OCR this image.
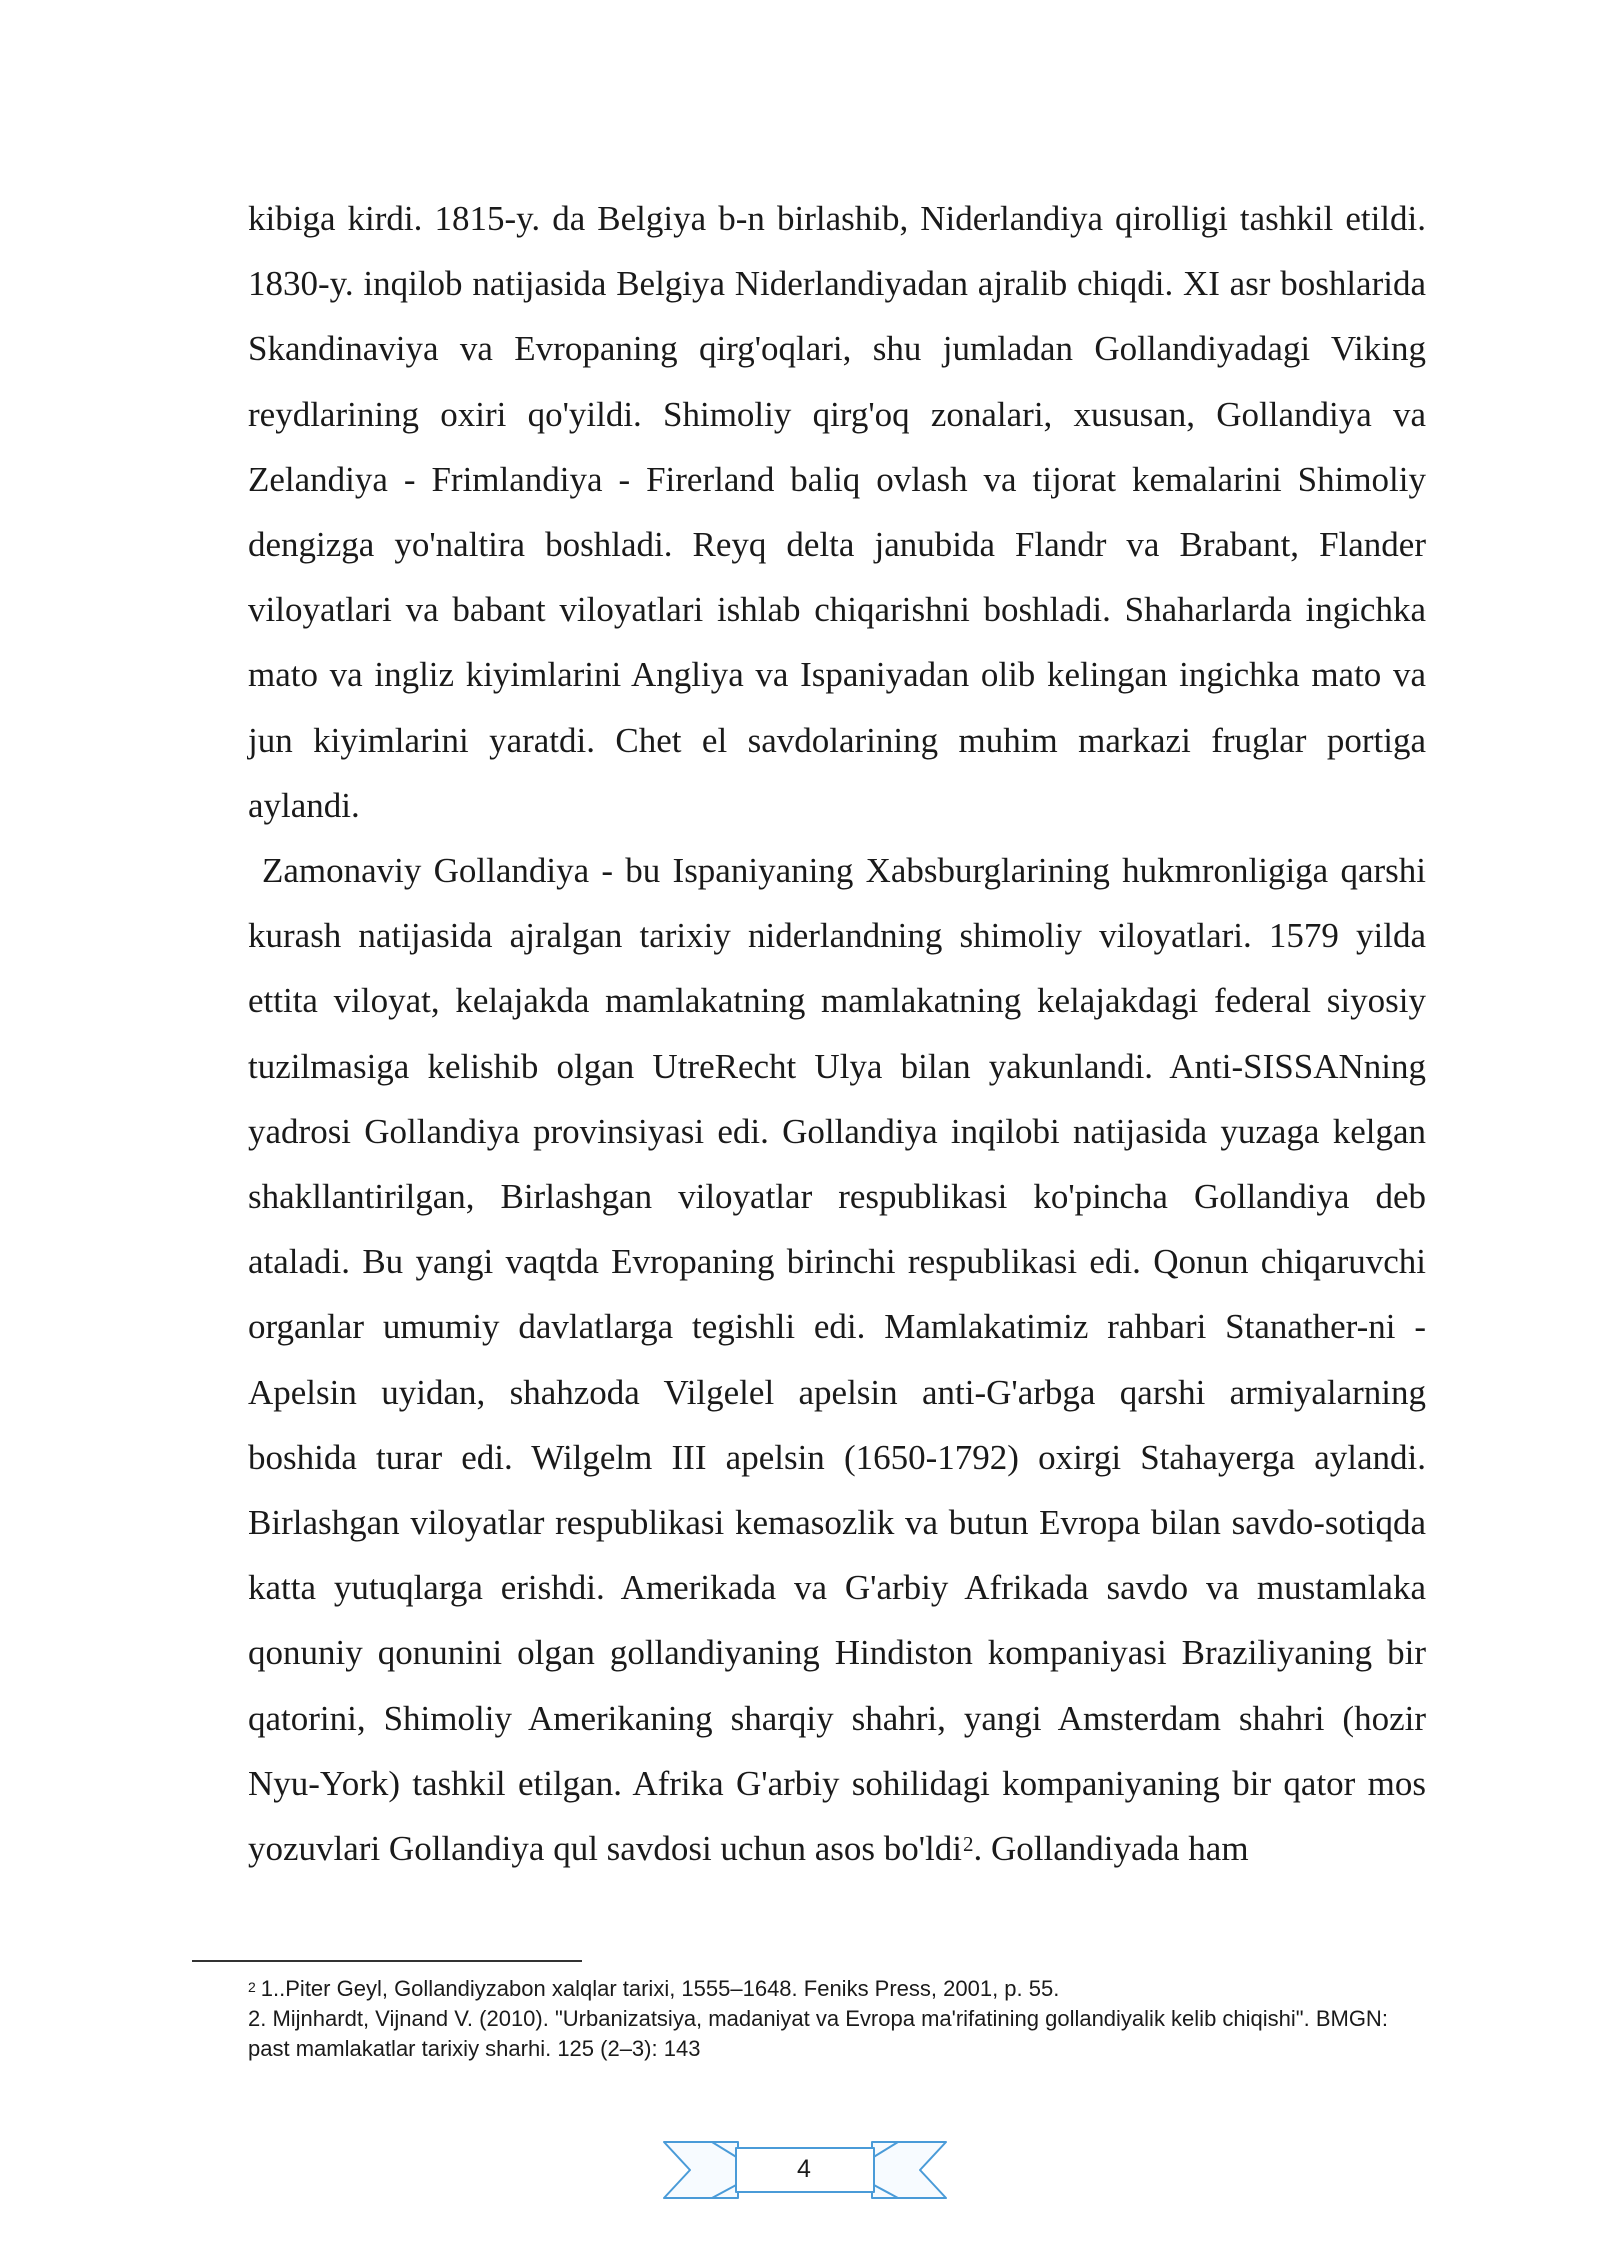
kibiga kirdi. 1815-y. da Belgiya b-n birlashib, Niderlandiya qirolligi tashkil etildi. 1830-y. inqilob natijasida Belgiya Niderlandiyadan ajralib chiqdi. XI asr boshlarida Skandinaviya va Evropaning qirg'oqlari, shu jumladan Gollandiyadagi Viking reydlarining oxiri qo'yildi. Shimoliy qirg'oq zonalari, xususan, Gollandiya va Zelandiya - Frimlandiya - Firerland baliq ovlash va tijorat kemalarini Shimoliy dengizga yo'naltira boshladi. Reyq delta janubida Flandr va Brabant, Flander viloyatlari va babant viloyatlari ishlab chiqarishni boshladi. Shaharlarda ingichka mato va ingliz kiyimlarini Angliya va Ispaniyadan olib kelingan ingichka mato va jun kiyimlarini yaratdi. Chet el savdolarining muhim markazi fruglar portiga aylandi.

Zamonaviy Gollandiya - bu Ispaniyaning Xabsburglarining hukmronligiga qarshi kurash natijasida ajralgan tarixiy niderlandning shimoliy viloyatlari. 1579 yilda ettita viloyat, kelajakda mamlakatning mamlakatning kelajakdagi federal siyosiy tuzilmasiga kelishib olgan UtreRecht Ulya bilan yakunlandi. Anti-SISSANning yadrosi Gollandiya provinsiyasi edi. Gollandiya inqilobi natijasida yuzaga kelgan shakllantirilgan, Birlashgan viloyatlar respublikasi ko'pincha Gollandiya deb ataladi. Bu yangi vaqtda Evropaning birinchi respublikasi edi. Qonun chiqaruvchi organlar umumiy davlatlarga tegishli edi. Mamlakatimiz rahbari Stanather-ni - Apelsin uyidan, shahzoda Vilgelel apelsin anti-G'arbga qarshi armiyalarning boshida turar edi. Wilgelm III apelsin (1650-1792) oxirgi Stahayerga aylandi. Birlashgan viloyatlar respublikasi kemasozlik va butun Evropa bilan savdo-sotiqda katta yutuqlarga erishdi. Amerikada va G'arbiy Afrikada savdo va mustamlaka qonuniy qonunini olgan gollandiyaning Hindiston kompaniyasi Braziliyaning bir qatorini, Shimoliy Amerikaning sharqiy shahri, yangi Amsterdam shahri (hozir Nyu-York) tashkil etilgan. Afrika G'arbiy sohilidagi kompaniyaning bir qator mos yozuvlari Gollandiya qul savdosi uchun asos bo'ldi$^2$. Gollandiyada ham

$^2$ 1..Piter Geyl, Gollandiyzabon xalqlar tarixi, 1555–1648. Feniks Press, 2001, p. 55.

2. Mijnhardt, Vijnand V. (2010). "Urbanizatsiya, madaniyat va Evropa ma'rifatining gollandiyalik kelib chiqishi". BMGN: past mamlakatlar tarixiy sharhi. 125 (2–3): 143

4
